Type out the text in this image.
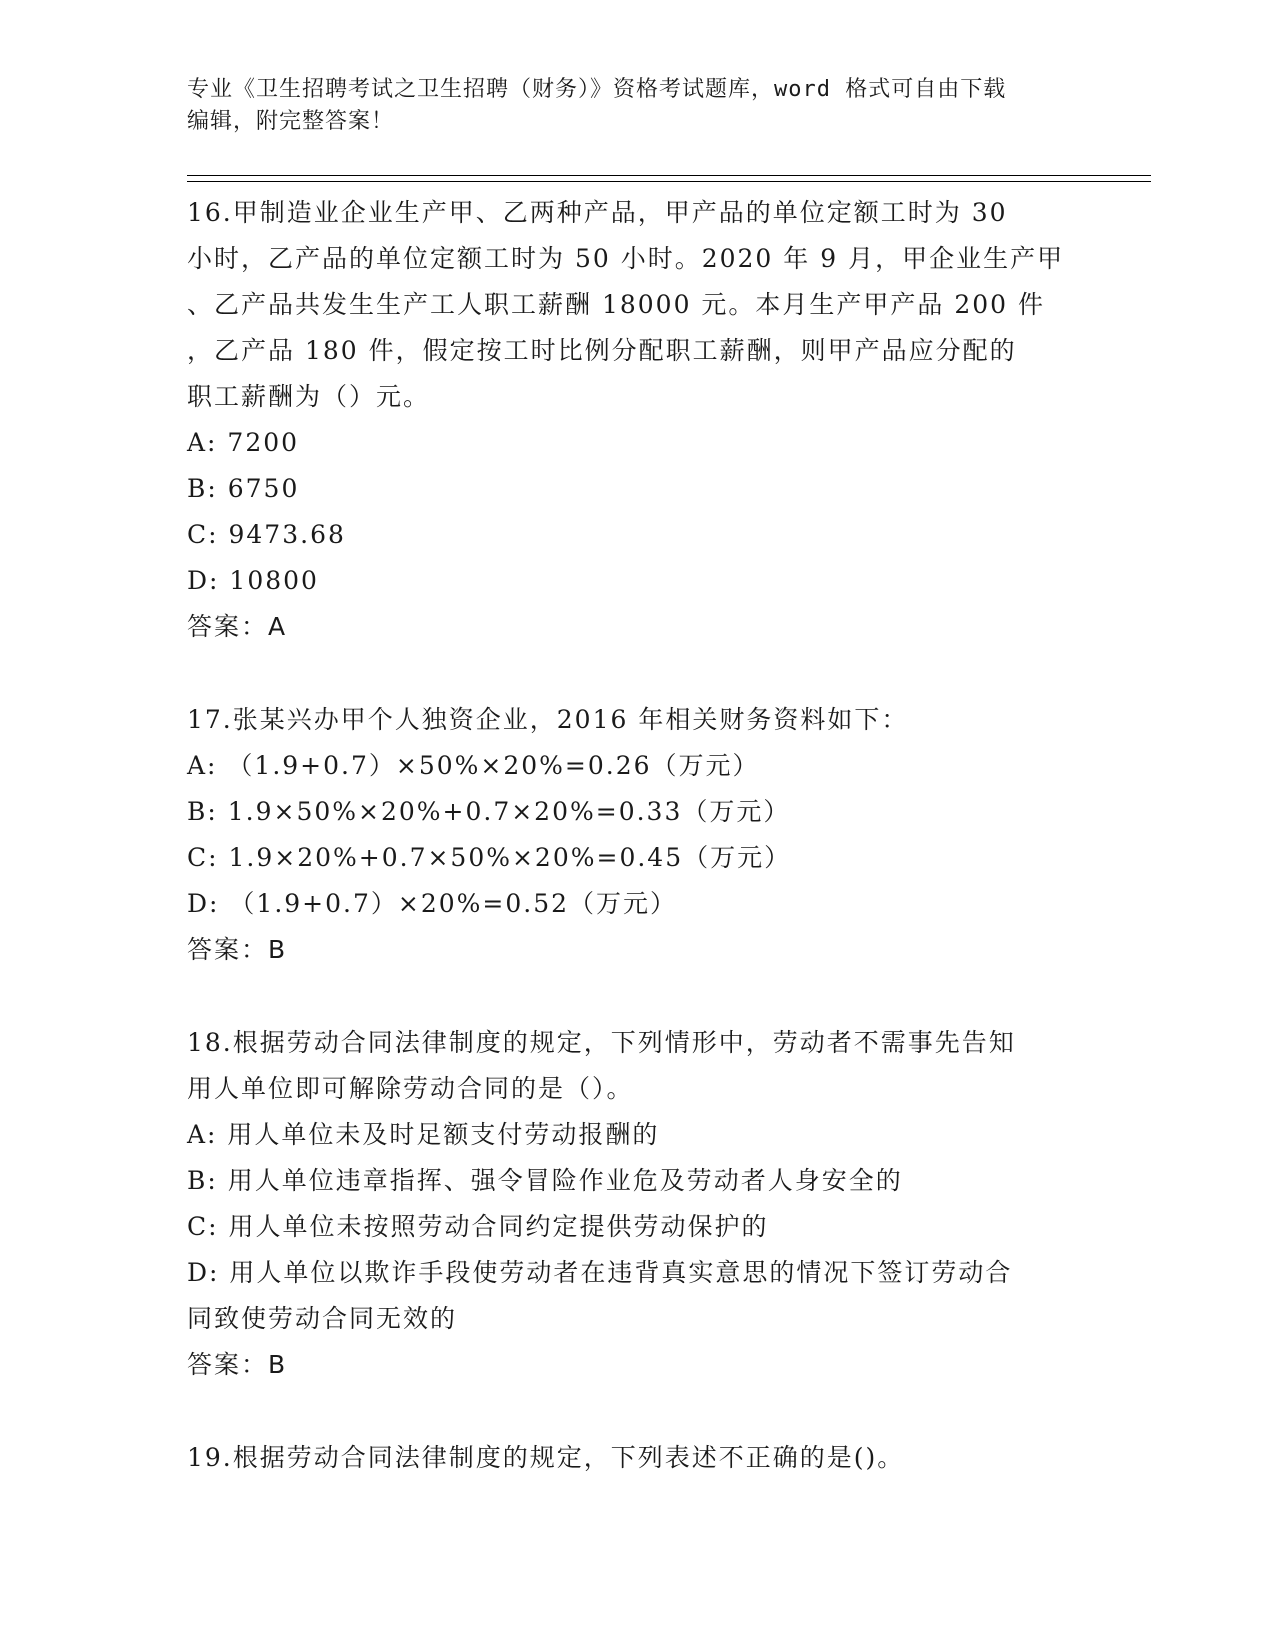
专业《卫生招聘考试之卫生招聘（财务）》资格考试题库，word 格式可自由下载
编辑，附完整答案！

16.甲制造业企业生产甲、乙两种产品，甲产品的单位定额工时为 30

小时，乙产品的单位定额工时为 50 小时。2020 年 9 月，甲企业生产甲

、乙产品共发生生产工人职工薪酬 18000 元。本月生产甲产品 200 件

，乙产品 180 件，假定按工时比例分配职工薪酬，则甲产品应分配的

职工薪酬为（）元。

A: 7200

B: 6750

C: 9473.68

D: 10800

答案：A

17.张某兴办甲个人独资企业，2016 年相关财务资料如下：

A: （1.9+0.7）×50%×20%=0.26（万元）

B: 1.9×50%×20%+0.7×20%=0.33（万元）

C: 1.9×20%+0.7×50%×20%=0.45（万元）

D: （1.9+0.7）×20%=0.52（万元）

答案：B

18.根据劳动合同法律制度的规定，下列情形中，劳动者不需事先告知

用人单位即可解除劳动合同的是（）。

A: 用人单位未及时足额支付劳动报酬的

B: 用人单位违章指挥、强令冒险作业危及劳动者人身安全的

C: 用人单位未按照劳动合同约定提供劳动保护的

D: 用人单位以欺诈手段使劳动者在违背真实意思的情况下签订劳动合

同致使劳动合同无效的

答案：B

19.根据劳动合同法律制度的规定，下列表述不正确的是()。
